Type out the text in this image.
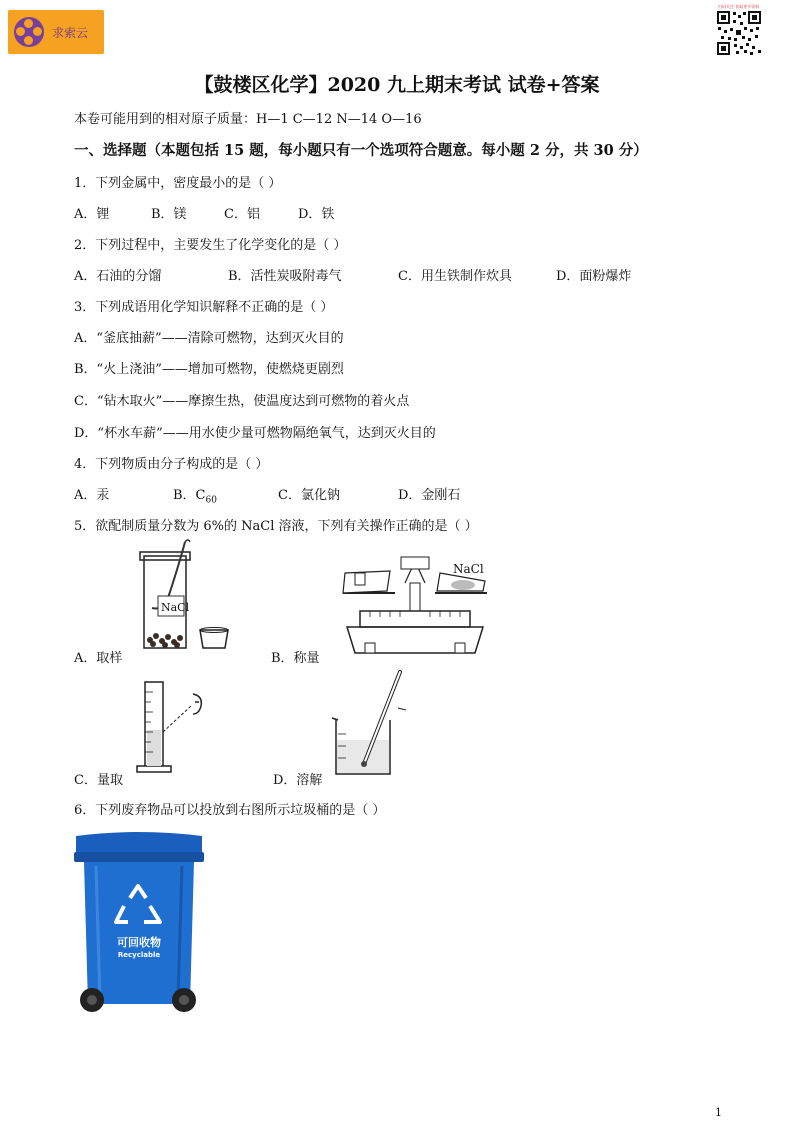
求索云
扫码关注 获取更多资料
【鼓楼区化学】2020 九上期末考试 试卷+答案
本卷可能用到的相对原子质量：H—1 C—12 N—14 O—16
一、选择题（本题包括 15 题，每小题只有一个选项符合题意。每小题 2 分，共 30 分）
1．下列金属中，密度最小的是（ ）
A．锂	B．镁	C．铝	D．铁
2．下列过程中，主要发生了化学变化的是（ ）
A．石油的分馏	B．活性炭吸附毒气	C．用生铁制作炊具	D．面粉爆炸
3．下列成语用化学知识解释不正确的是（ ）
A．“釜底抽薪”——清除可燃物，达到灭火目的
B．“火上浇油”——增加可燃物，使燃烧更剧烈
C．“钻木取火”——摩擦生热，使温度达到可燃物的着火点
D．“杯水车薪”——用水使少量可燃物隔绝氧气，达到灭火目的
4．下列物质由分子构成的是（ ）
A．汞	B．$C_{60}$	C．氯化钠	D．金刚石
5．欲配制质量分数为 6%的 NaCl 溶液，下列有关操作正确的是（ ）
NaCl
A．取样
NaCl
B．称量
C．量取	D．溶解
6．下列废弃物品可以投放到右图所示垃圾桶的是（ ）
可回收物
Recyclable
1
